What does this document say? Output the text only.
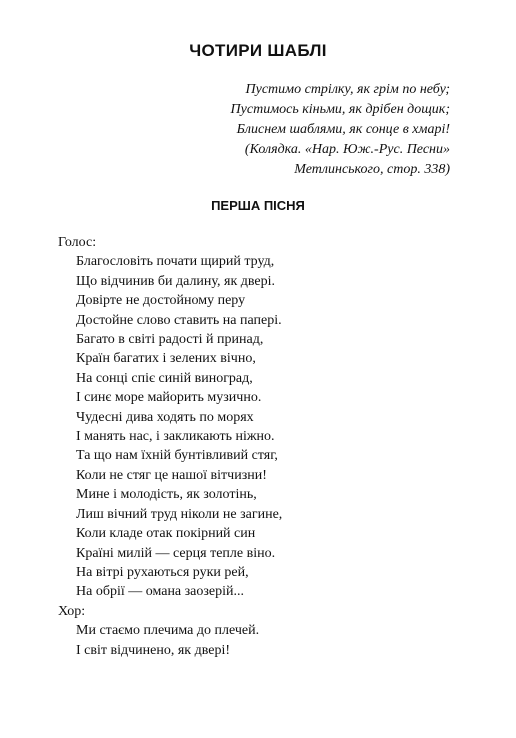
ЧОТИРИ ШАБЛІ
Пустимо стрілку, як грім по небу;
Пустимось кіньми, як дрібен дощик;
Блиснем шаблями, як сонце в хмарі!
(Колядка. «Нар. Юж.-Рус. Песни»
Метлинського, стор. 338)
ПЕРША ПІСНЯ
Голос:
Благословіть почати щирий труд,
Що відчинив би далину, як двері.
Довірте не достойному перу
Достойне слово ставить на папері.
Багато в світі радості й принад,
Країн багатих і зелених вічно,
На сонці спіє синій виноград,
І синє море майорить музично.
Чудесні дива ходять по морях
І манять нас, і закликають ніжно.
Та що нам їхній бунтівливий стяг,
Коли не стяг це нашої вітчизни!
Мине і молодість, як золотінь,
Лиш вічний труд ніколи не загине,
Коли кладе отак покірний син
Країні милій — серця тепле віно.
На вітрі рухаються руки рей,
На обрії — омана заозерій...
Хор:
Ми стаємо плечима до плечей.
І світ відчинено, як двері!
